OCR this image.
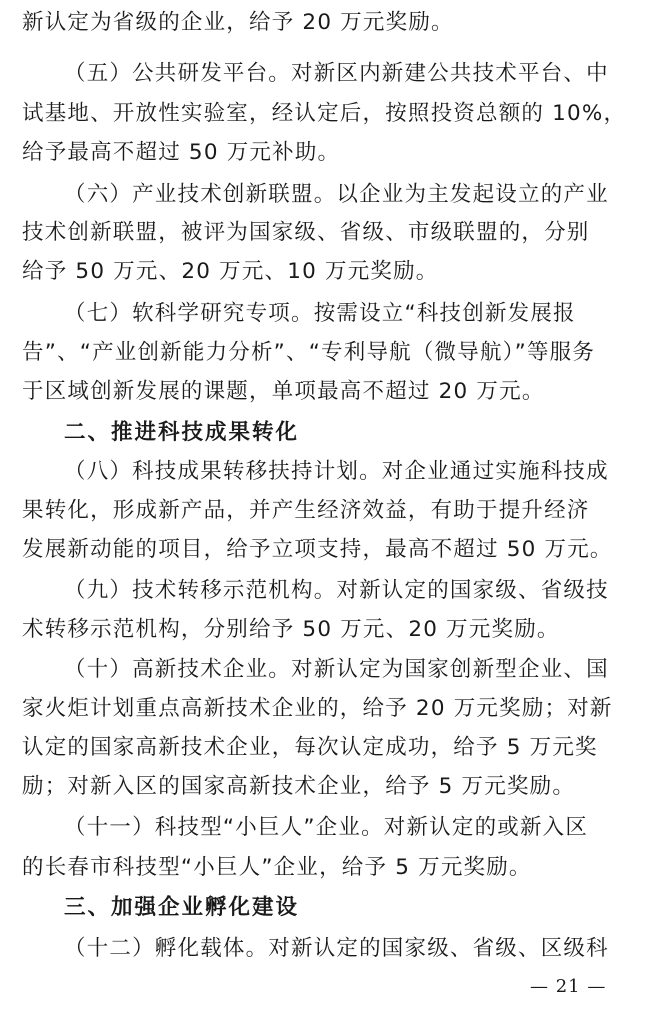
新认定为省级的企业，给予 20 万元奖励。
（五）公共研发平台。对新区内新建公共技术平台、中
试基地、开放性实验室，经认定后，按照投资总额的 10%，
给予最高不超过 50 万元补助。
（六）产业技术创新联盟。以企业为主发起设立的产业
技术创新联盟，被评为国家级、省级、市级联盟的，分别
给予 50 万元、20 万元、10 万元奖励。
（七）软科学研究专项。按需设立“科技创新发展报
告”、“产业创新能力分析”、“专利导航（微导航）”等服务
于区域创新发展的课题，单项最高不超过 20 万元。
二、推进科技成果转化
（八）科技成果转移扶持计划。对企业通过实施科技成
果转化，形成新产品，并产生经济效益，有助于提升经济
发展新动能的项目，给予立项支持，最高不超过 50 万元。
（九）技术转移示范机构。对新认定的国家级、省级技
术转移示范机构，分别给予 50 万元、20 万元奖励。
（十）高新技术企业。对新认定为国家创新型企业、国
家火炬计划重点高新技术企业的，给予 20 万元奖励；对新
认定的国家高新技术企业，每次认定成功，给予 5 万元奖
励；对新入区的国家高新技术企业，给予 5 万元奖励。
（十一）科技型“小巨人”企业。对新认定的或新入区
的长春市科技型“小巨人”企业，给予 5 万元奖励。
三、加强企业孵化建设
（十二）孵化载体。对新认定的国家级、省级、区级科
— 21 —
